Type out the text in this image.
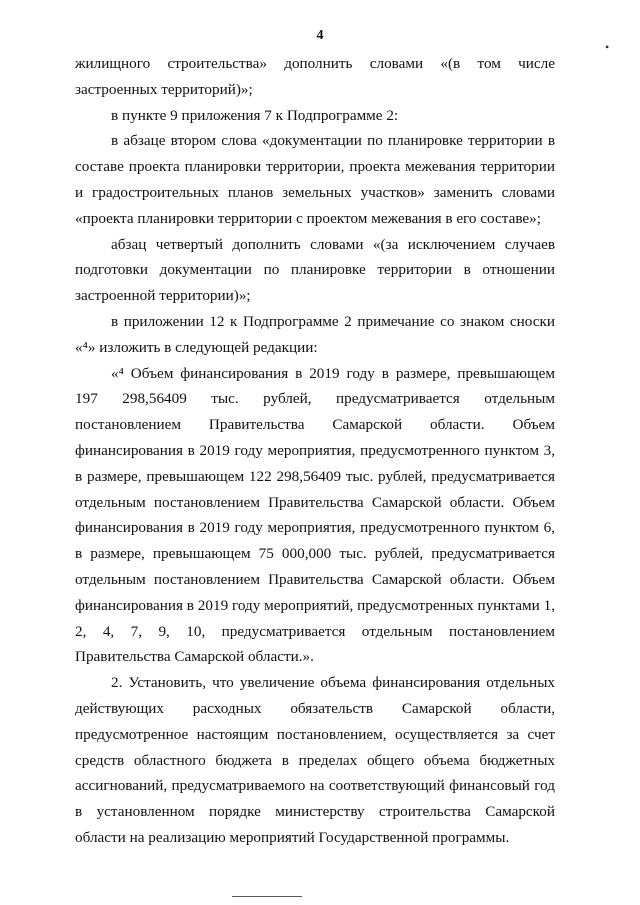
4
•

жилищного строительства» дополнить словами «(в том числе застроенных территорий)»;

в пункте 9 приложения 7 к Подпрограмме 2:

в абзаце втором слова «документации по планировке территории в составе проекта планировки территории, проекта межевания территории и градостроительных планов земельных участков» заменить словами «проекта планировки территории с проектом межевания в его составе»;

абзац четвертый дополнить словами «(за исключением случаев подготовки документации по планировке территории в отношении застроенной территории)»;

в приложении 12 к Подпрограмме 2 примечание со знаком сноски «⁴» изложить в следующей редакции:

«⁴ Объем финансирования в 2019 году в размере, превышающем 197 298,56409 тыс. рублей, предусматривается отдельным постановлением Правительства Самарской области. Объем финансирования в 2019 году мероприятия, предусмотренного пунктом 3, в размере, превышающем 122 298,56409 тыс. рублей, предусматривается отдельным постановлением Правительства Самарской области. Объем финансирования в 2019 году мероприятия, предусмотренного пунктом 6, в размере, превышающем 75 000,000 тыс. рублей, предусматривается отдельным постановлением Правительства Самарской области. Объем финансирования в 2019 году мероприятий, предусмотренных пунктами 1, 2, 4, 7, 9, 10, предусматривается отдельным постановлением Правительства Самарской области.».

2. Установить, что увеличение объема финансирования отдельных действующих расходных обязательств Самарской области, предусмотренное настоящим постановлением, осуществляется за счет средств областного бюджета в пределах общего объема бюджетных ассигнований, предусматриваемого на соответствующий финансовый год в установленном порядке министерству строительства Самарской области на реализацию мероприятий Государственной программы.
